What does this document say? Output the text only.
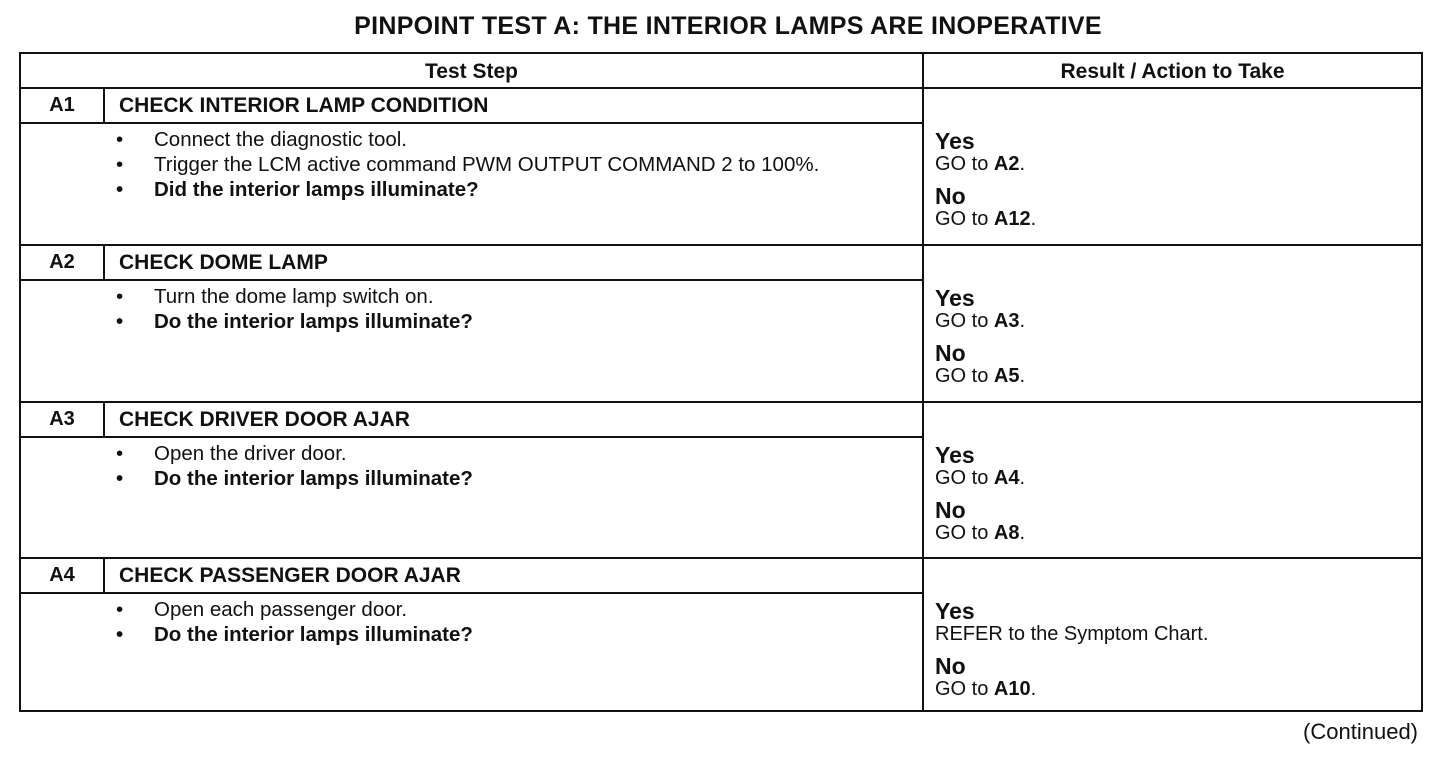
PINPOINT TEST A: THE INTERIOR LAMPS ARE INOPERATIVE
Test Step	Result / Action to Take
A1	CHECK INTERIOR LAMP CONDITION
• Connect the diagnostic tool.
• Trigger the LCM active command PWM OUTPUT COMMAND 2 to 100%.
• Did the interior lamps illuminate?
Yes
GO to A2.
No
GO to A12.
A2	CHECK DOME LAMP
• Turn the dome lamp switch on.
• Do the interior lamps illuminate?
Yes
GO to A3.
No
GO to A5.
A3	CHECK DRIVER DOOR AJAR
• Open the driver door.
• Do the interior lamps illuminate?
Yes
GO to A4.
No
GO to A8.
A4	CHECK PASSENGER DOOR AJAR
• Open each passenger door.
• Do the interior lamps illuminate?
Yes
REFER to the Symptom Chart.
No
GO to A10.
(Continued)
